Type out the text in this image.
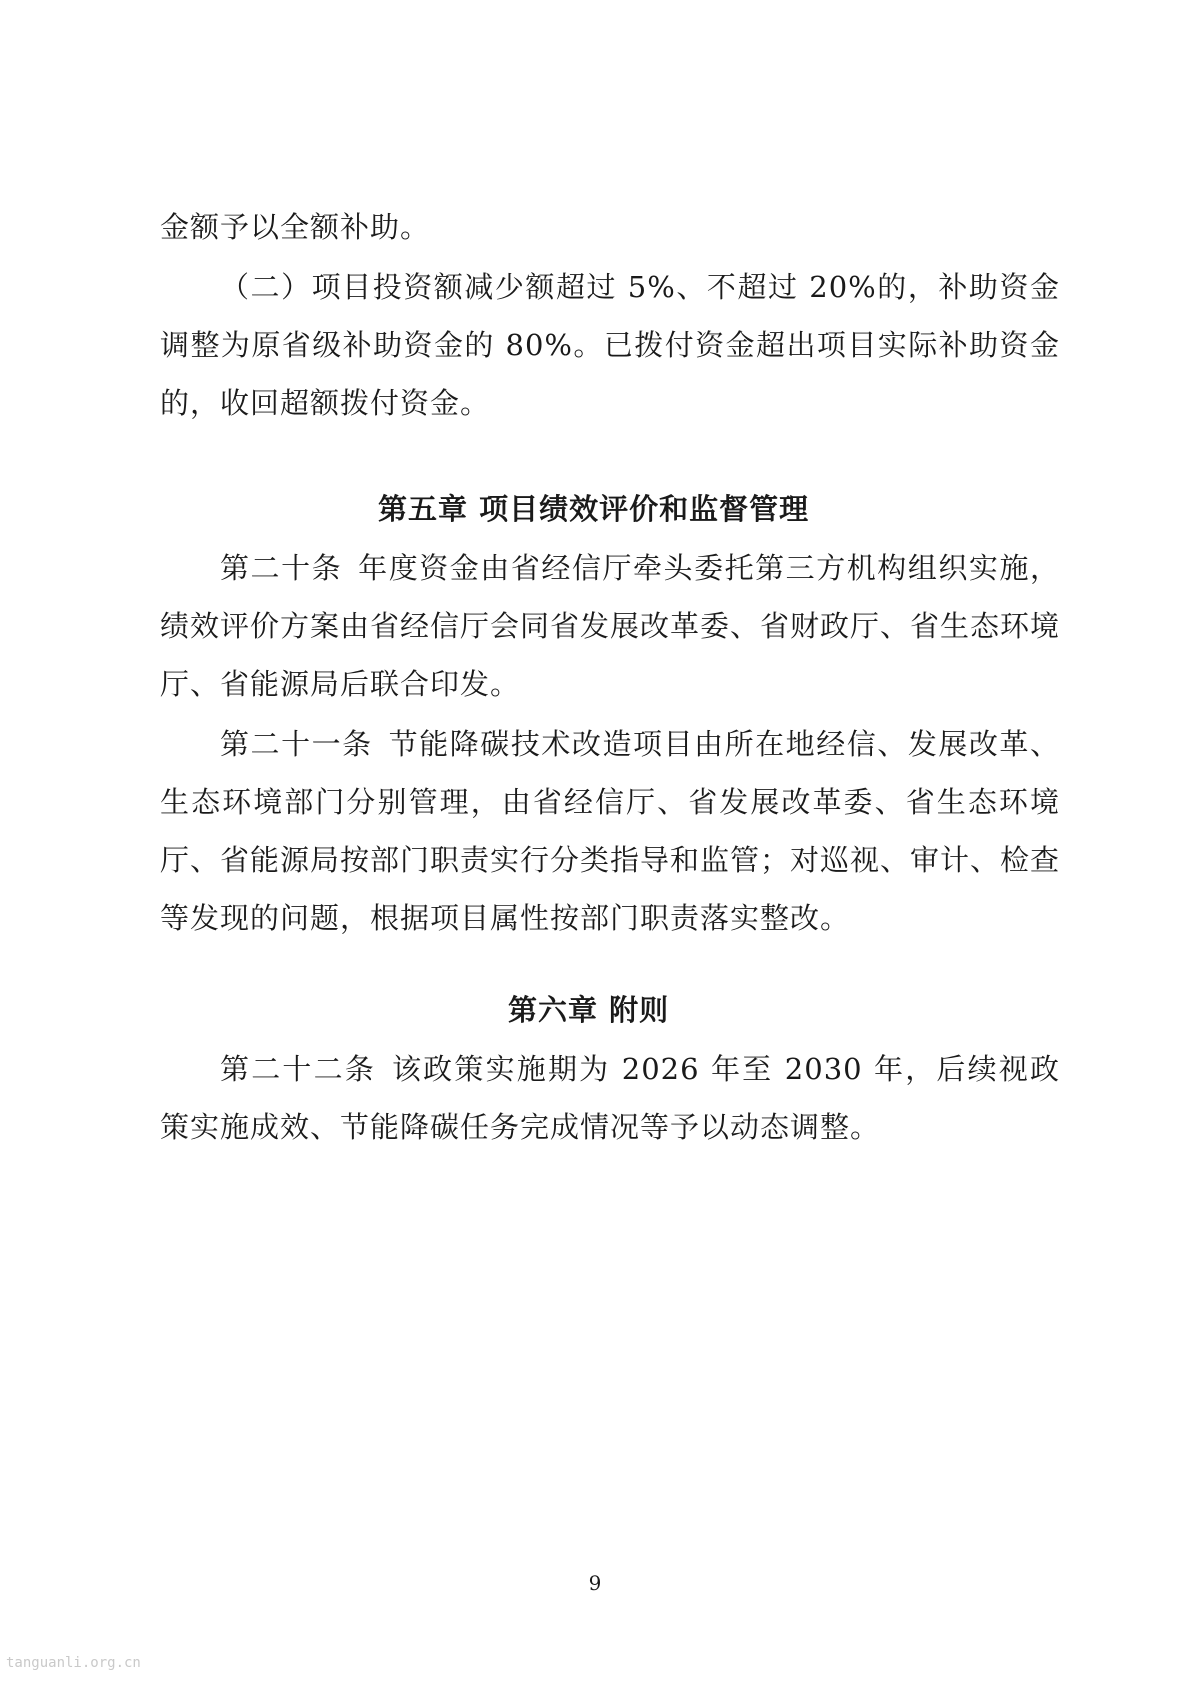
金额予以全额补助。

（二）项目投资额减少额超过 5%、不超过 20%的，补助资金调整为原省级补助资金的 80%。已拨付资金超出项目实际补助资金的，收回超额拨付资金。

第五章 项目绩效评价和监督管理

第二十条 年度资金由省经信厅牵头委托第三方机构组织实施，绩效评价方案由省经信厅会同省发展改革委、省财政厅、省生态环境厅、省能源局后联合印发。

第二十一条 节能降碳技术改造项目由所在地经信、发展改革、生态环境部门分别管理，由省经信厅、省发展改革委、省生态环境厅、省能源局按部门职责实行分类指导和监管；对巡视、审计、检查等发现的问题，根据项目属性按部门职责落实整改。

第六章 附则

第二十二条 该政策实施期为 2026 年至 2030 年，后续视政策实施成效、节能降碳任务完成情况等予以动态调整。

9
tanguanli.org.cn
